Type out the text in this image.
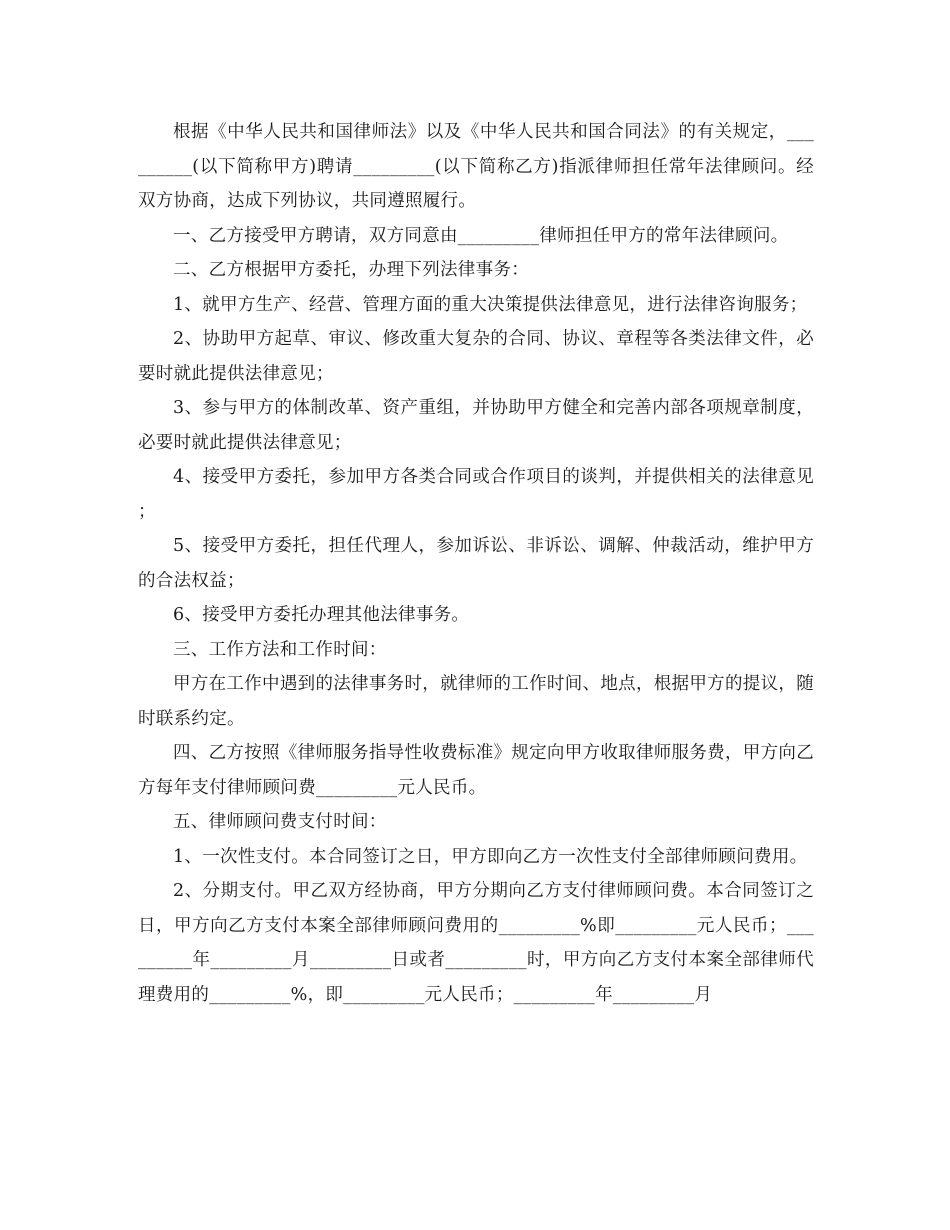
根据《中华人民共和国律师法》以及《中华人民共和国合同法》的有关规定，_________(以下简称甲方)聘请_________(以下简称乙方)指派律师担任常年法律顾问。经双方协商，达成下列协议，共同遵照履行。

一、乙方接受甲方聘请，双方同意由_________律师担任甲方的常年法律顾问。

二、乙方根据甲方委托，办理下列法律事务：

1、就甲方生产、经营、管理方面的重大决策提供法律意见，进行法律咨询服务；

2、协助甲方起草、审议、修改重大复杂的合同、协议、章程等各类法律文件，必要时就此提供法律意见；

3、参与甲方的体制改革、资产重组，并协助甲方健全和完善内部各项规章制度，必要时就此提供法律意见；

4、接受甲方委托，参加甲方各类合同或合作项目的谈判，并提供相关的法律意见；

5、接受甲方委托，担任代理人，参加诉讼、非诉讼、调解、仲裁活动，维护甲方的合法权益；

6、接受甲方委托办理其他法律事务。

三、工作方法和工作时间：

甲方在工作中遇到的法律事务时，就律师的工作时间、地点，根据甲方的提议，随时联系约定。

四、乙方按照《律师服务指导性收费标准》规定向甲方收取律师服务费，甲方向乙方每年支付律师顾问费_________元人民币。

五、律师顾问费支付时间：

1、一次性支付。本合同签订之日，甲方即向乙方一次性支付全部律师顾问费用。

2、分期支付。甲乙双方经协商，甲方分期向乙方支付律师顾问费。本合同签订之日，甲方向乙方支付本案全部律师顾问费用的_________%即_________元人民币；_________年_________月_________日或者_________时，甲方向乙方支付本案全部律师代理费用的_________%，即_________元人民币；_________年_________月
